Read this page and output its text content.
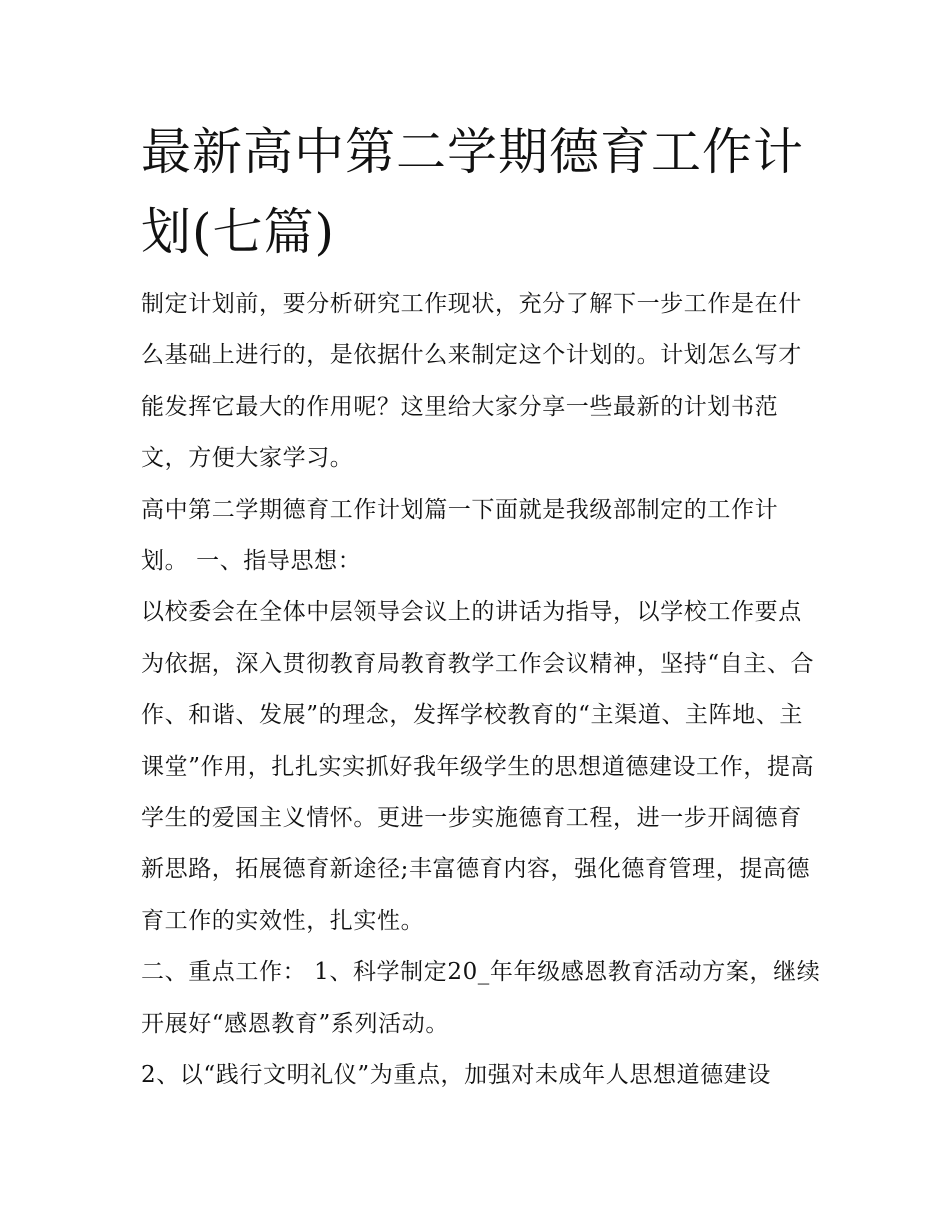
最新高中第二学期德育工作计划(七篇)

制定计划前，要分析研究工作现状，充分了解下一步工作是在什么基础上进行的，是依据什么来制定这个计划的。计划怎么写才能发挥它最大的作用呢？这里给大家分享一些最新的计划书范文，方便大家学习。

高中第二学期德育工作计划篇一下面就是我级部制定的工作计划。 一、指导思想：

以校委会在全体中层领导会议上的讲话为指导，以学校工作要点为依据，深入贯彻教育局教育教学工作会议精神，坚持“自主、合作、和谐、发展”的理念，发挥学校教育的“主渠道、主阵地、主课堂”作用，扎扎实实抓好我年级学生的思想道德建设工作，提高学生的爱国主义情怀。更进一步实施德育工程，进一步开阔德育新思路，拓展德育新途径;丰富德育内容，强化德育管理，提高德育工作的实效性，扎实性。

二、重点工作： 1、科学制定20_年年级感恩教育活动方案，继续开展好“感恩教育”系列活动。

2、以“践行文明礼仪”为重点，加强对未成年人思想道德建设
